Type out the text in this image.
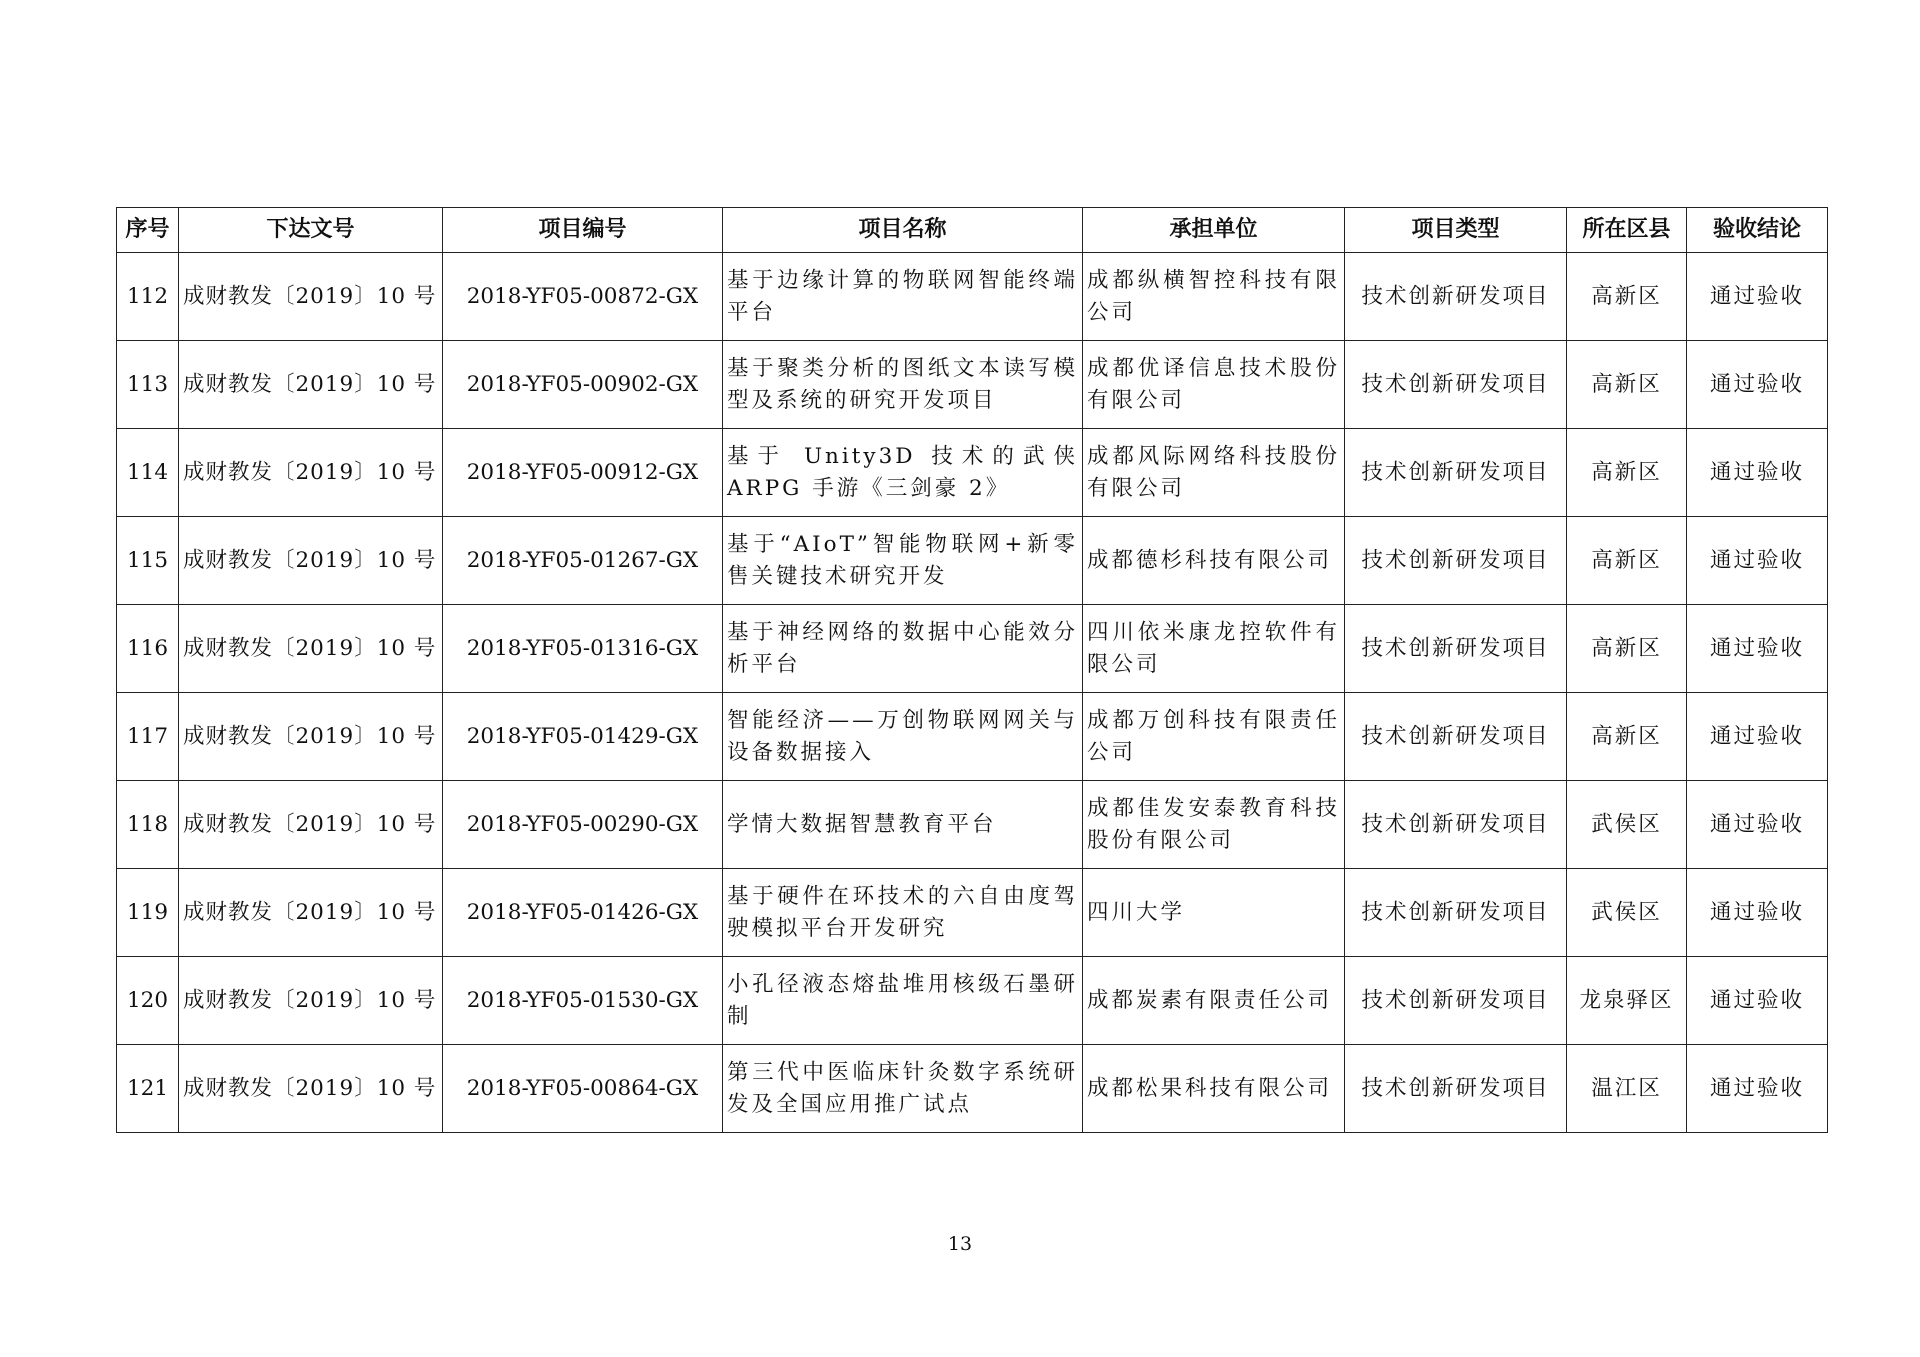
序号	下达文号	项目编号	项目名称	承担单位	项目类型	所在区县	验收结论
112	成财教发〔2019〕10 号	2018-YF05-00872-GX	基于边缘计算的物联网智能终端平台	成都纵横智控科技有限公司	技术创新研发项目	高新区	通过验收
113	成财教发〔2019〕10 号	2018-YF05-00902-GX	基于聚类分析的图纸文本读写模型及系统的研究开发项目	成都优译信息技术股份有限公司	技术创新研发项目	高新区	通过验收
114	成财教发〔2019〕10 号	2018-YF05-00912-GX	基于 Unity3D 技术的武侠 ARPG 手游《三剑豪 2》	成都风际网络科技股份有限公司	技术创新研发项目	高新区	通过验收
115	成财教发〔2019〕10 号	2018-YF05-01267-GX	基于“AIoT”智能物联网+新零售关键技术研究开发	成都德杉科技有限公司	技术创新研发项目	高新区	通过验收
116	成财教发〔2019〕10 号	2018-YF05-01316-GX	基于神经网络的数据中心能效分析平台	四川依米康龙控软件有限公司	技术创新研发项目	高新区	通过验收
117	成财教发〔2019〕10 号	2018-YF05-01429-GX	智能经济——万创物联网网关与设备数据接入	成都万创科技有限责任公司	技术创新研发项目	高新区	通过验收
118	成财教发〔2019〕10 号	2018-YF05-00290-GX	学情大数据智慧教育平台	成都佳发安泰教育科技股份有限公司	技术创新研发项目	武侯区	通过验收
119	成财教发〔2019〕10 号	2018-YF05-01426-GX	基于硬件在环技术的六自由度驾驶模拟平台开发研究	四川大学	技术创新研发项目	武侯区	通过验收
120	成财教发〔2019〕10 号	2018-YF05-01530-GX	小孔径液态熔盐堆用核级石墨研制	成都炭素有限责任公司	技术创新研发项目	龙泉驿区	通过验收
121	成财教发〔2019〕10 号	2018-YF05-00864-GX	第三代中医临床针灸数字系统研发及全国应用推广试点	成都松果科技有限公司	技术创新研发项目	温江区	通过验收
13
